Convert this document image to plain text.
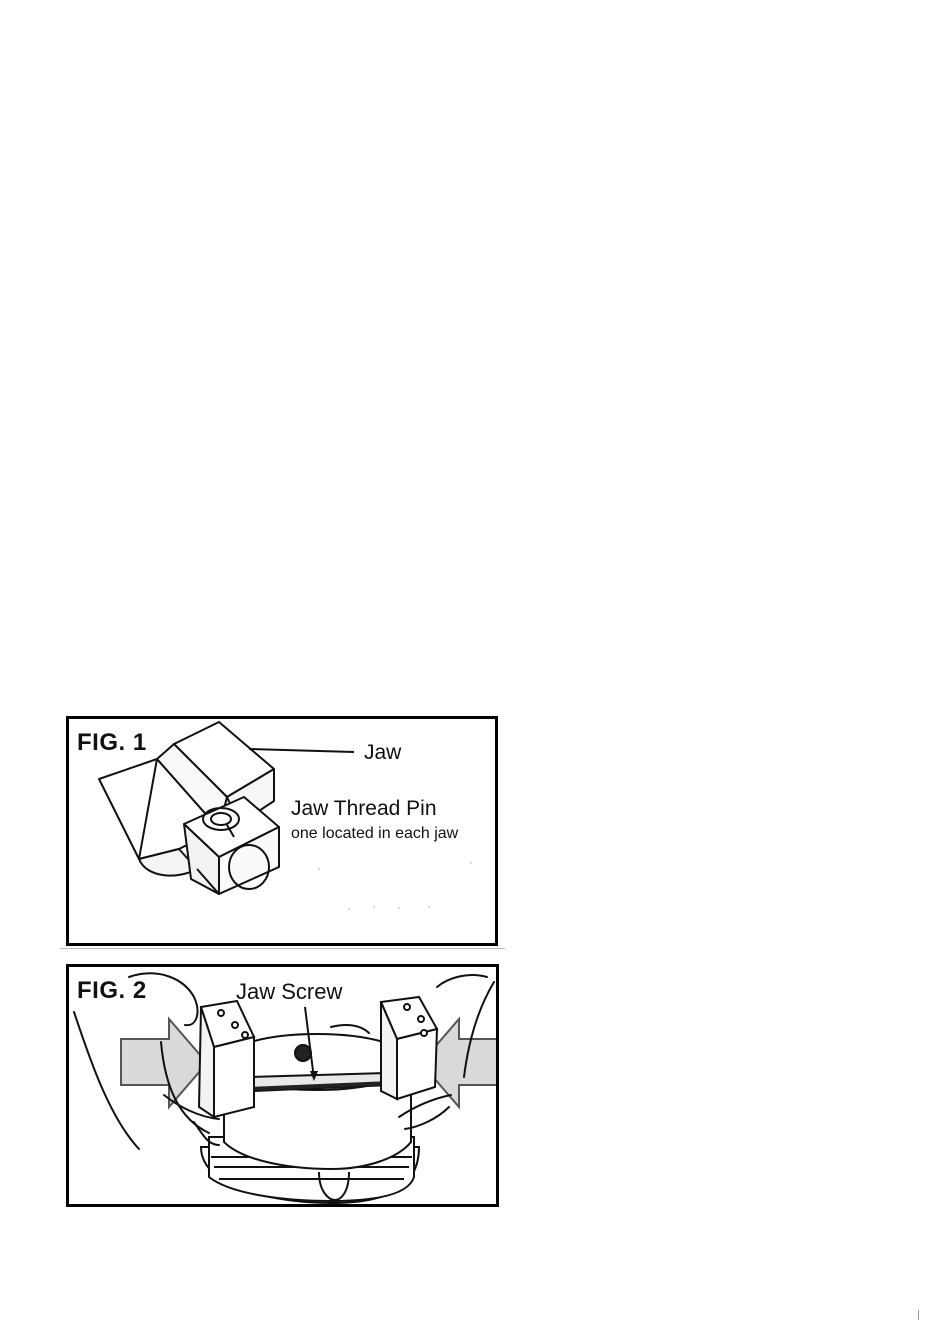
FIG. 1	Jaw
Jaw Thread Pin
one located in each jaw
FIG. 2	Jaw Screw
